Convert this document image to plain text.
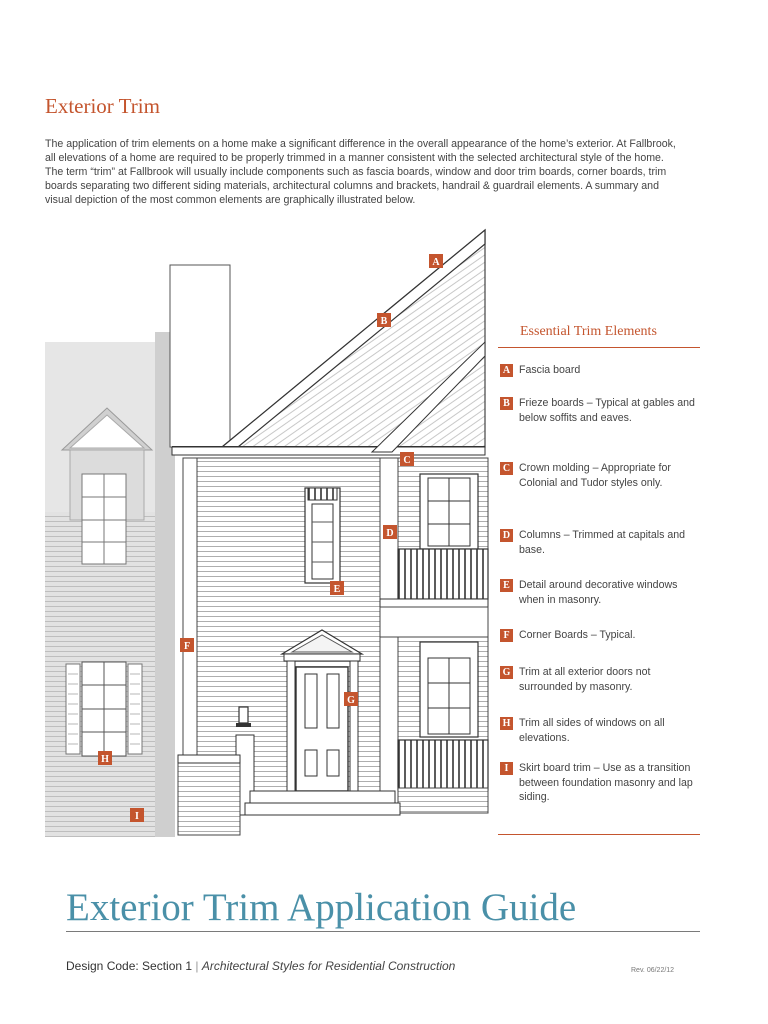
Exterior Trim

The application of trim elements on a home make a significant difference in the overall appearance of the home’s exterior. At Fallbrook, all elevations of a home are required to be properly trimmed in a manner consistent with the selected architectural style of the home. The term “trim” at Fallbrook will usually include components such as fascia boards, window and door trim boards, corner boards, trim boards separating two different siding materials, architectural columns and brackets, handrail & guardrail elements. A summary and visual depiction of the most common elements are graphically illustrated below.

A
B
C
D
E
F
G
H
I
Essential Trim Elements
A Fascia board
B Frieze boards – Typical at gables and below soffits and eaves.
C Crown molding – Appropriate for Colonial and Tudor styles only.
D Columns – Trimmed at capitals and base.
E Detail around decorative windows when in masonry.
F Corner Boards – Typical.
G Trim at all exterior doors not surrounded by masonry.
H Trim all sides of windows on all elevations.
I Skirt board trim – Use as a transition between foundation masonry and lap siding.
Exterior Trim Application Guide
Design Code: Section 1 | Architectural Styles for Residential Construction	Rev. 06/22/12
